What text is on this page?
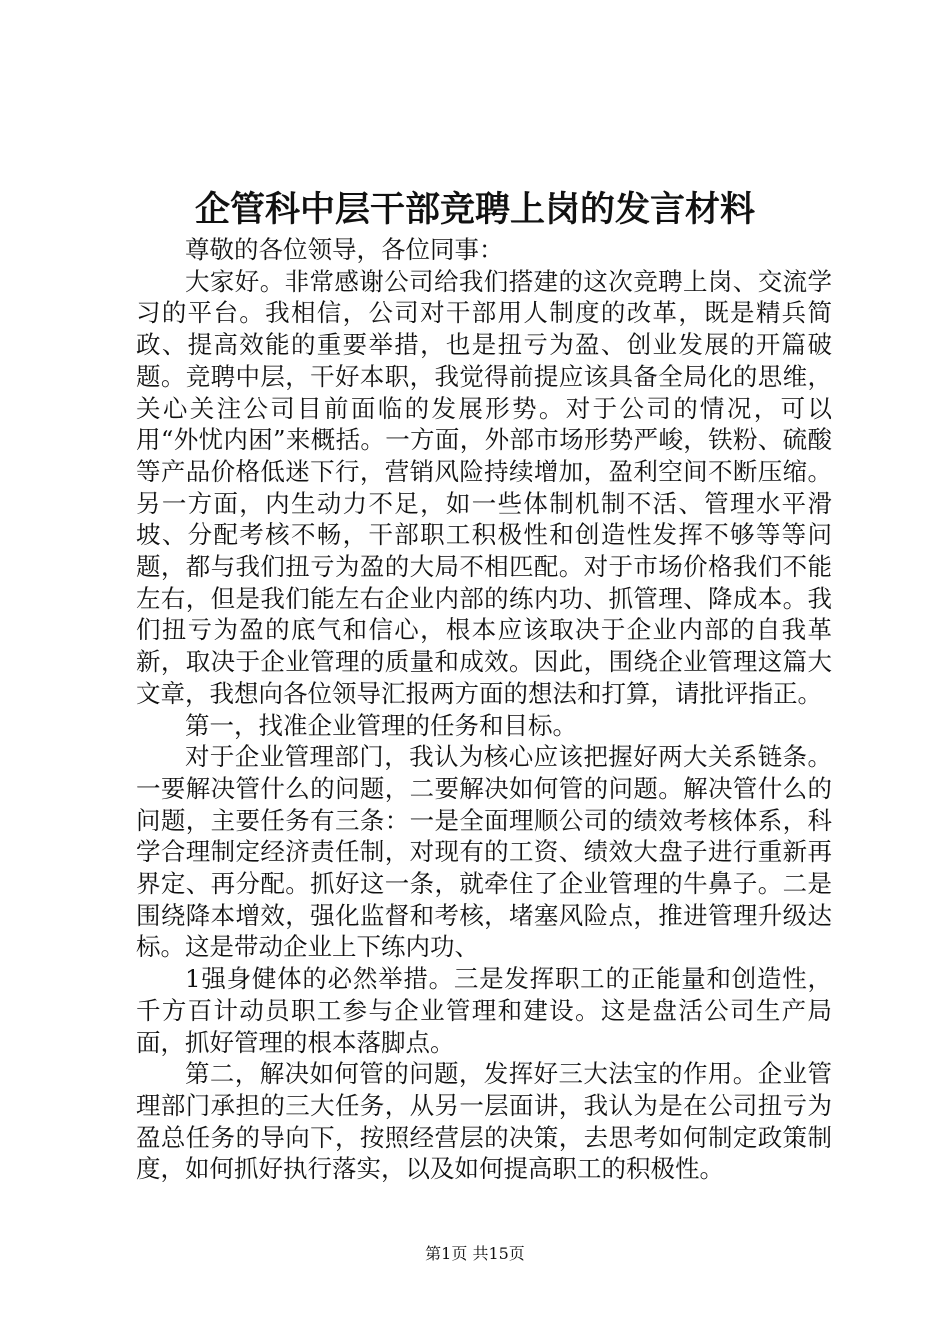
企管科中层干部竞聘上岗的发言材料

尊敬的各位领导，各位同事：

大家好。非常感谢公司给我们搭建的这次竞聘上岗、交流学习的平台。我相信，公司对干部用人制度的改革，既是精兵简政、提高效能的重要举措，也是扭亏为盈、创业发展的开篇破题。竞聘中层，干好本职，我觉得前提应该具备全局化的思维，关心关注公司目前面临的发展形势。对于公司的情况，可以用“外忧内困”来概括。一方面，外部市场形势严峻，铁粉、硫酸等产品价格低迷下行，营销风险持续增加，盈利空间不断压缩。另一方面，内生动力不足，如一些体制机制不活、管理水平滑坡、分配考核不畅，干部职工积极性和创造性发挥不够等等问题，都与我们扭亏为盈的大局不相匹配。对于市场价格我们不能左右，但是我们能左右企业内部的练内功、抓管理、降成本。我们扭亏为盈的底气和信心，根本应该取决于企业内部的自我革新，取决于企业管理的质量和成效。因此，围绕企业管理这篇大文章，我想向各位领导汇报两方面的想法和打算，请批评指正。

第一，找准企业管理的任务和目标。

对于企业管理部门，我认为核心应该把握好两大关系链条。一要解决管什么的问题，二要解决如何管的问题。解决管什么的问题，主要任务有三条：一是全面理顺公司的绩效考核体系，科学合理制定经济责任制，对现有的工资、绩效大盘子进行重新再界定、再分配。抓好这一条，就牵住了企业管理的牛鼻子。二是围绕降本增效，强化监督和考核，堵塞风险点，推进管理升级达标。这是带动企业上下练内功、

1强身健体的必然举措。三是发挥职工的正能量和创造性，千方百计动员职工参与企业管理和建设。这是盘活公司生产局面，抓好管理的根本落脚点。

第二，解决如何管的问题，发挥好三大法宝的作用。企业管理部门承担的三大任务，从另一层面讲，我认为是在公司扭亏为盈总任务的导向下，按照经营层的决策，去思考如何制定政策制度，如何抓好执行落实，以及如何提高职工的积极性。

第1页 共15页
